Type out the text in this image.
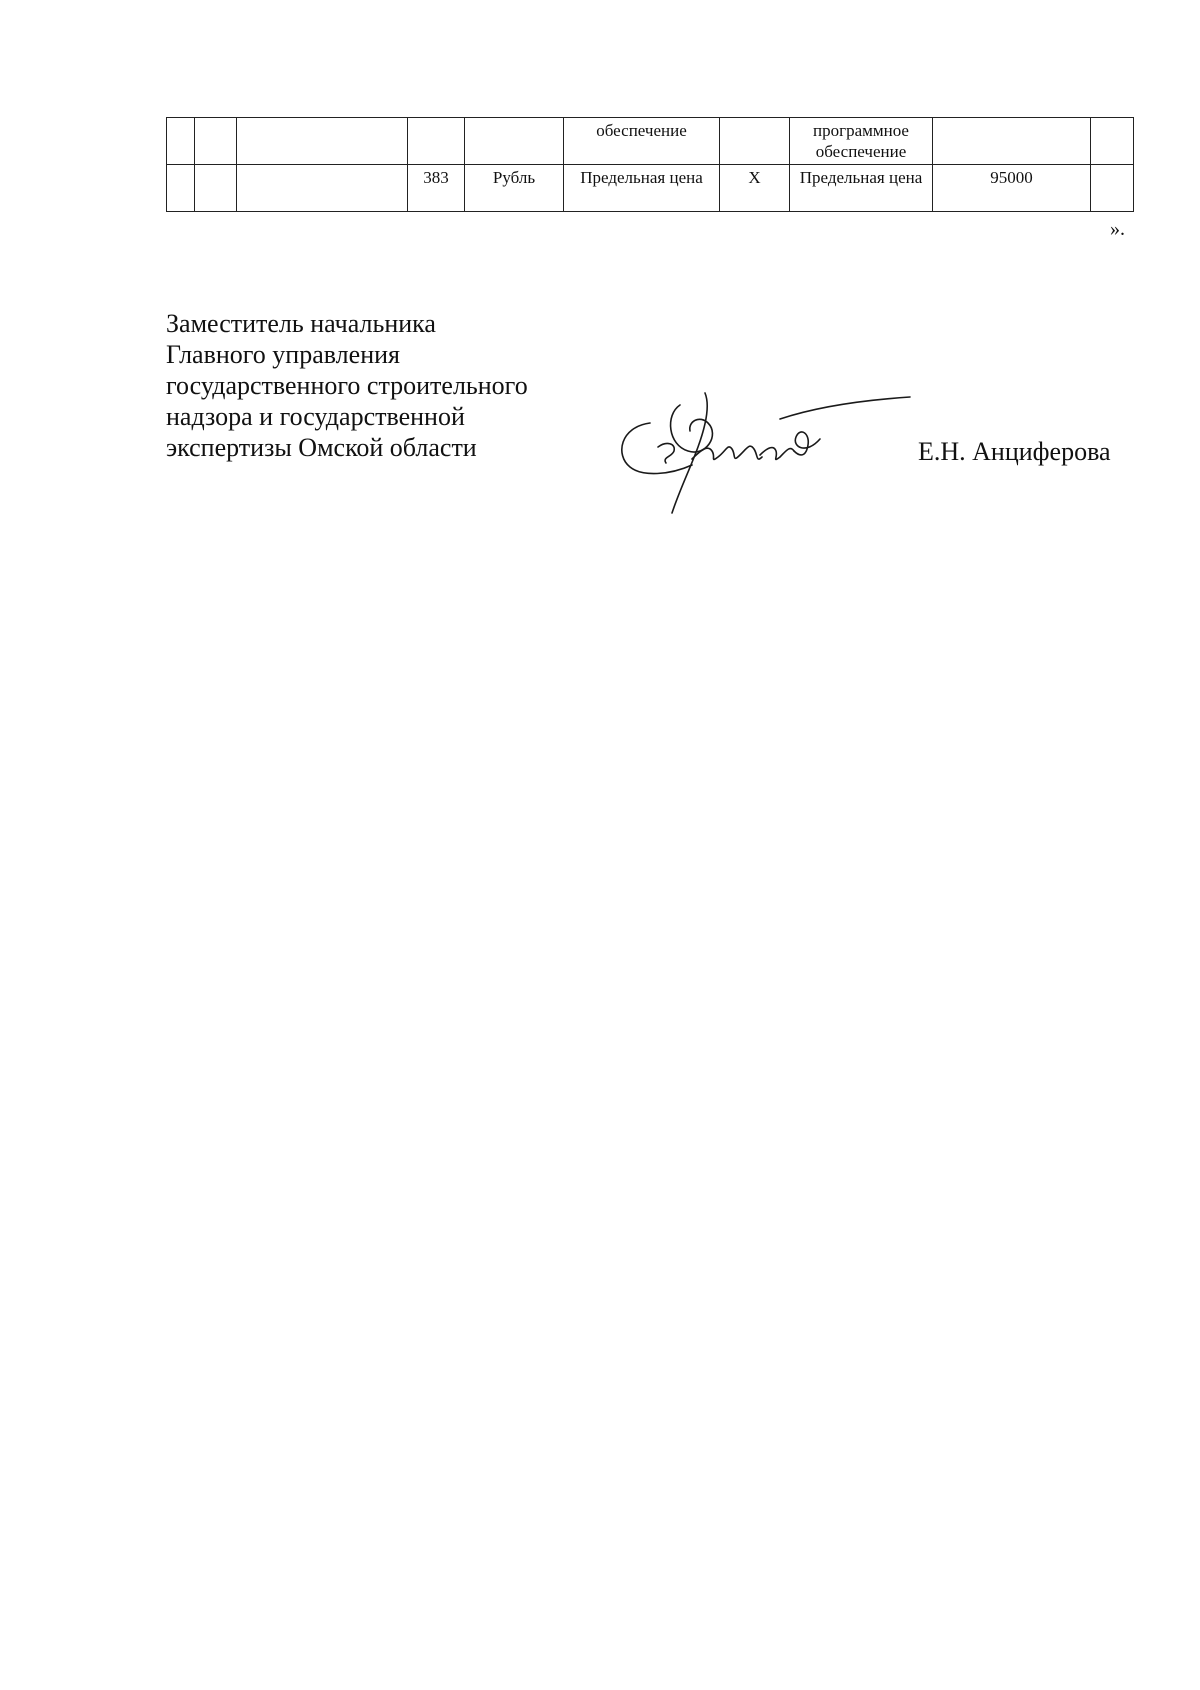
					обеспечение		программное обеспечение		
			383	Рубль	Предельная цена	Х	Предельная цена	95000	
».
Заместитель начальника
Главного управления
государственного строительного
надзора и государственной
экспертизы Омской области	Е.Н. Анциферова
